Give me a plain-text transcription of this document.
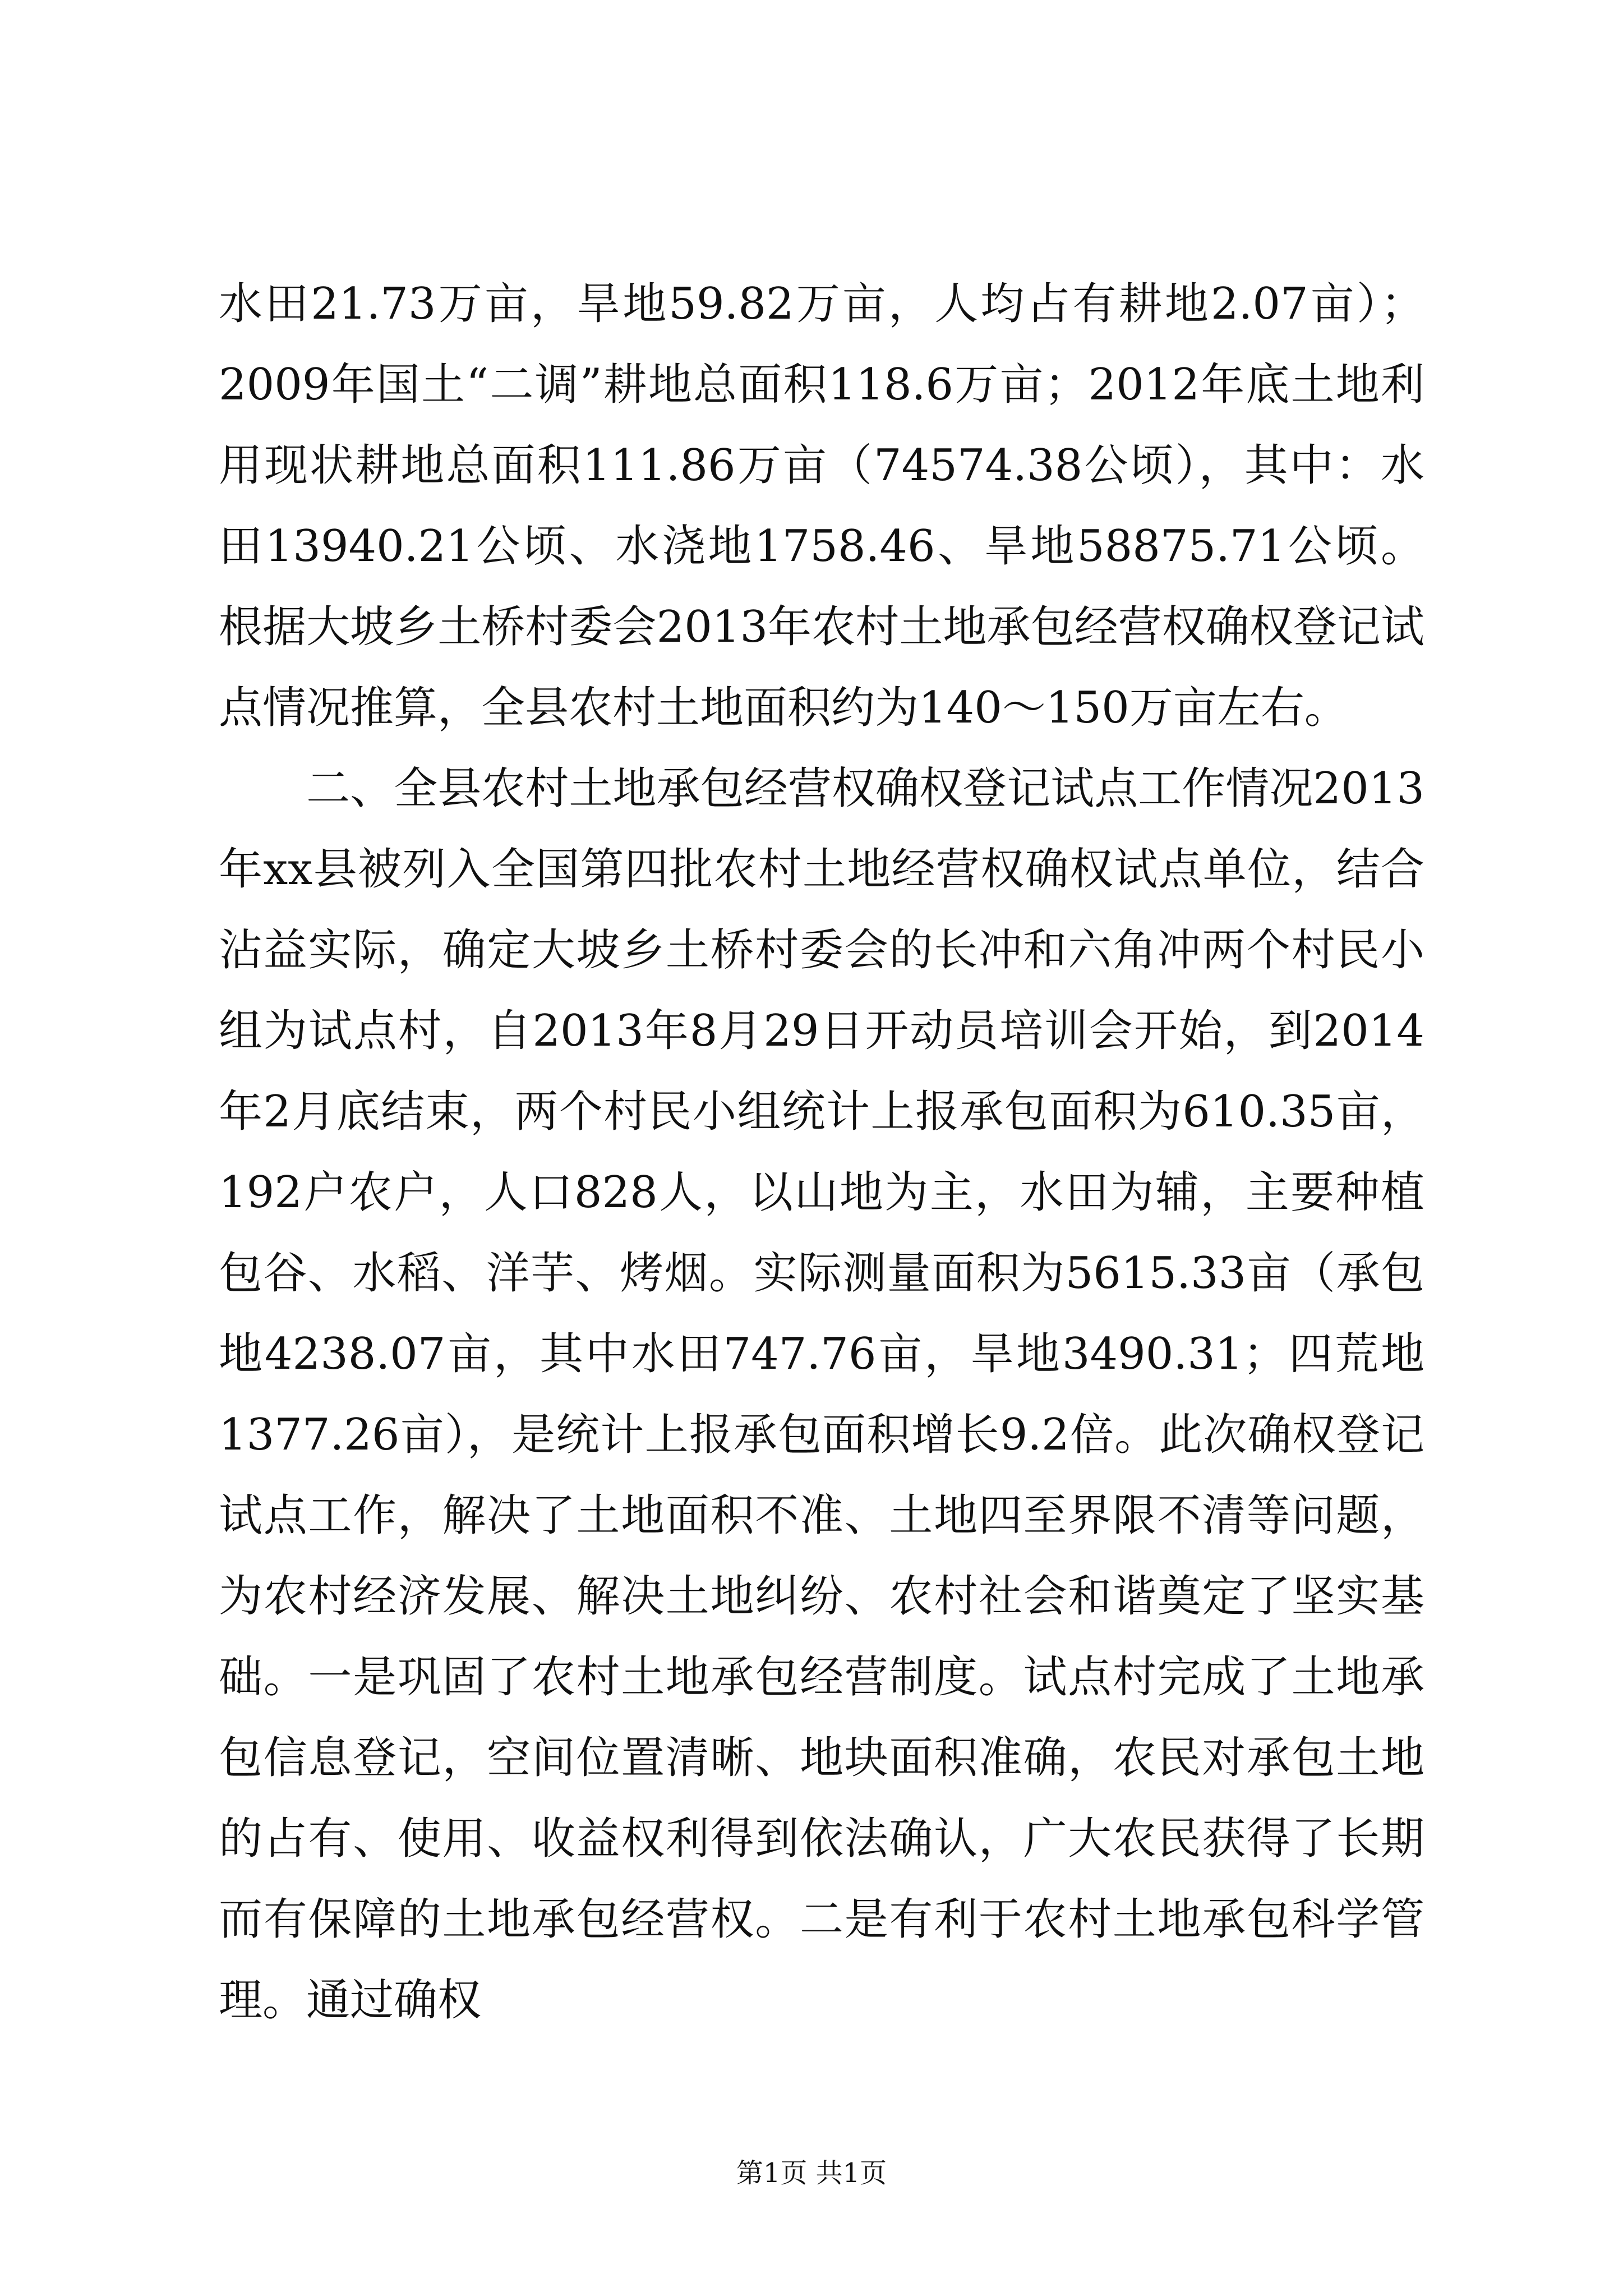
水田21.73万亩，旱地59.82万亩，人均占有耕地2.07亩）；2009年国土“二调”耕地总面积118.6万亩；2012年底土地利用现状耕地总面积111.86万亩（74574.38公顷），其中：水田13940.21公顷、水浇地1758.46、旱地58875.71公顷。根据大坡乡土桥村委会2013年农村土地承包经营权确权登记试点情况推算，全县农村土地面积约为140～150万亩左右。

　　二、全县农村土地承包经营权确权登记试点工作情况2013年xx县被列入全国第四批农村土地经营权确权试点单位，结合沾益实际，确定大坡乡土桥村委会的长冲和六角冲两个村民小组为试点村，自2013年8月29日开动员培训会开始，到2014年2月底结束，两个村民小组统计上报承包面积为610.35亩，192户农户，人口828人，以山地为主，水田为辅，主要种植包谷、水稻、洋芋、烤烟。实际测量面积为5615.33亩（承包地4238.07亩，其中水田747.76亩，旱地3490.31；四荒地1377.26亩），是统计上报承包面积增长9.2倍。此次确权登记试点工作，解决了土地面积不准、土地四至界限不清等问题，为农村经济发展、解决土地纠纷、农村社会和谐奠定了坚实基础。一是巩固了农村土地承包经营制度。试点村完成了土地承包信息登记，空间位置清晰、地块面积准确，农民对承包土地的占有、使用、收益权利得到依法确认，广大农民获得了长期而有保障的土地承包经营权。二是有利于农村土地承包科学管理。通过确权

第1页 共1页
